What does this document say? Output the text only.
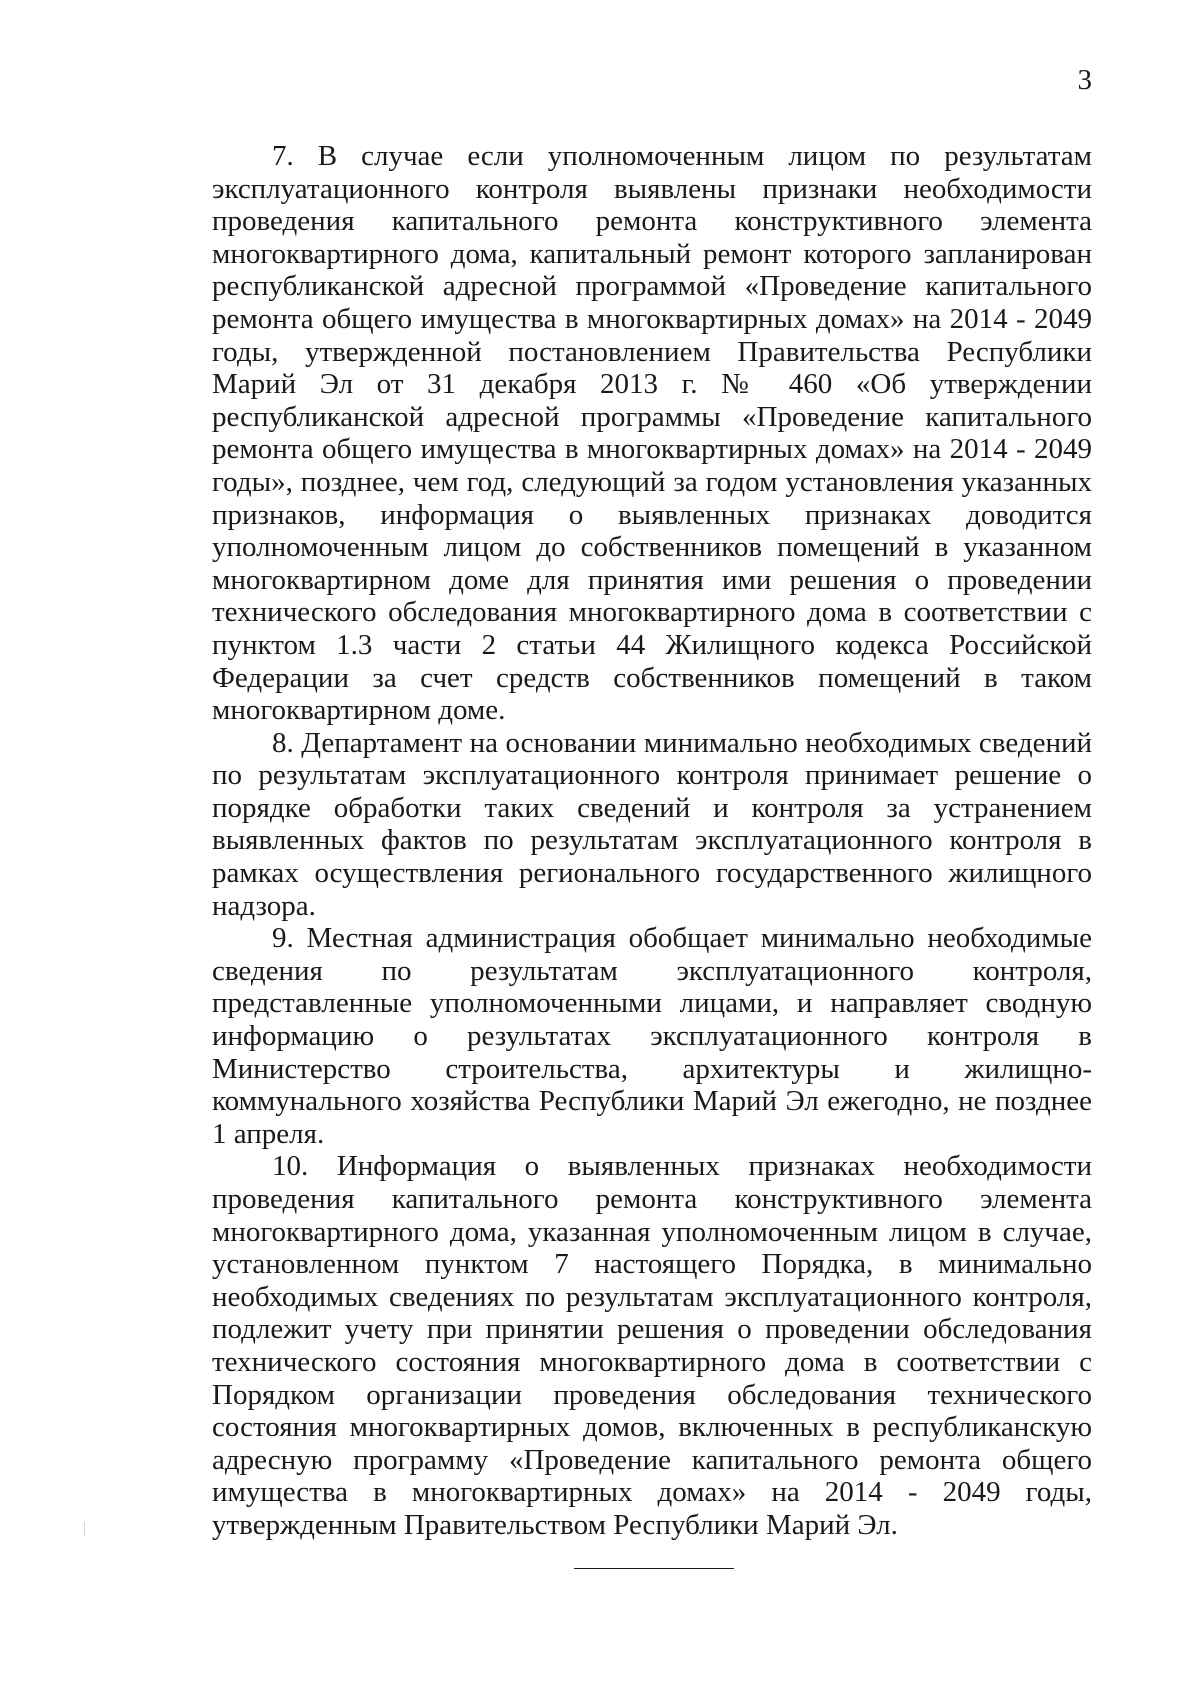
3

7. В случае если уполномоченным лицом по результатам эксплуатационного контроля выявлены признаки необходимости проведения капитального ремонта конструктивного элемента многоквартирного дома, капитальный ремонт которого запланирован республиканской адресной программой «Проведение капитального ремонта общего имущества в многоквартирных домах» на 2014 - 2049 годы, утвержденной постановлением Правительства Республики Марий Эл от 31 декабря 2013 г. № 460 «Об утверждении республиканской адресной программы «Проведение капитального ремонта общего имущества в многоквартирных домах» на 2014 - 2049 годы», позднее, чем год, следующий за годом установления указанных признаков, информация о выявленных признаках доводится уполномоченным лицом до собственников помещений в указанном многоквартирном доме для принятия ими решения о проведении технического обследования многоквартирного дома в соответствии с пунктом 1.3 части 2 статьи 44 Жилищного кодекса Российской Федерации за счет средств собственников помещений в таком многоквартирном доме.

8. Департамент на основании минимально необходимых сведений по результатам эксплуатационного контроля принимает решение о порядке обработки таких сведений и контроля за устранением выявленных фактов по результатам эксплуатационного контроля в рамках осуществления регионального государственного жилищного надзора.

9. Местная администрация обобщает минимально необходимые сведения по результатам эксплуатационного контроля, представленные уполномоченными лицами, и направляет сводную информацию о результатах эксплуатационного контроля в Министерство строительства, архитектуры и жилищно-коммунального хозяйства Республики Марий Эл ежегодно, не позднее 1 апреля.

10. Информация о выявленных признаках необходимости проведения капитального ремонта конструктивного элемента многоквартирного дома, указанная уполномоченным лицом в случае, установленном пунктом 7 настоящего Порядка, в минимально необходимых сведениях по результатам эксплуатационного контроля, подлежит учету при принятии решения о проведении обследования технического состояния многоквартирного дома в соответствии с Порядком организации проведения обследования технического состояния многоквартирных домов, включенных в республиканскую адресную программу «Проведение капитального ремонта общего имущества в многоквартирных домах» на 2014 - 2049 годы, утвержденным Правительством Республики Марий Эл.
